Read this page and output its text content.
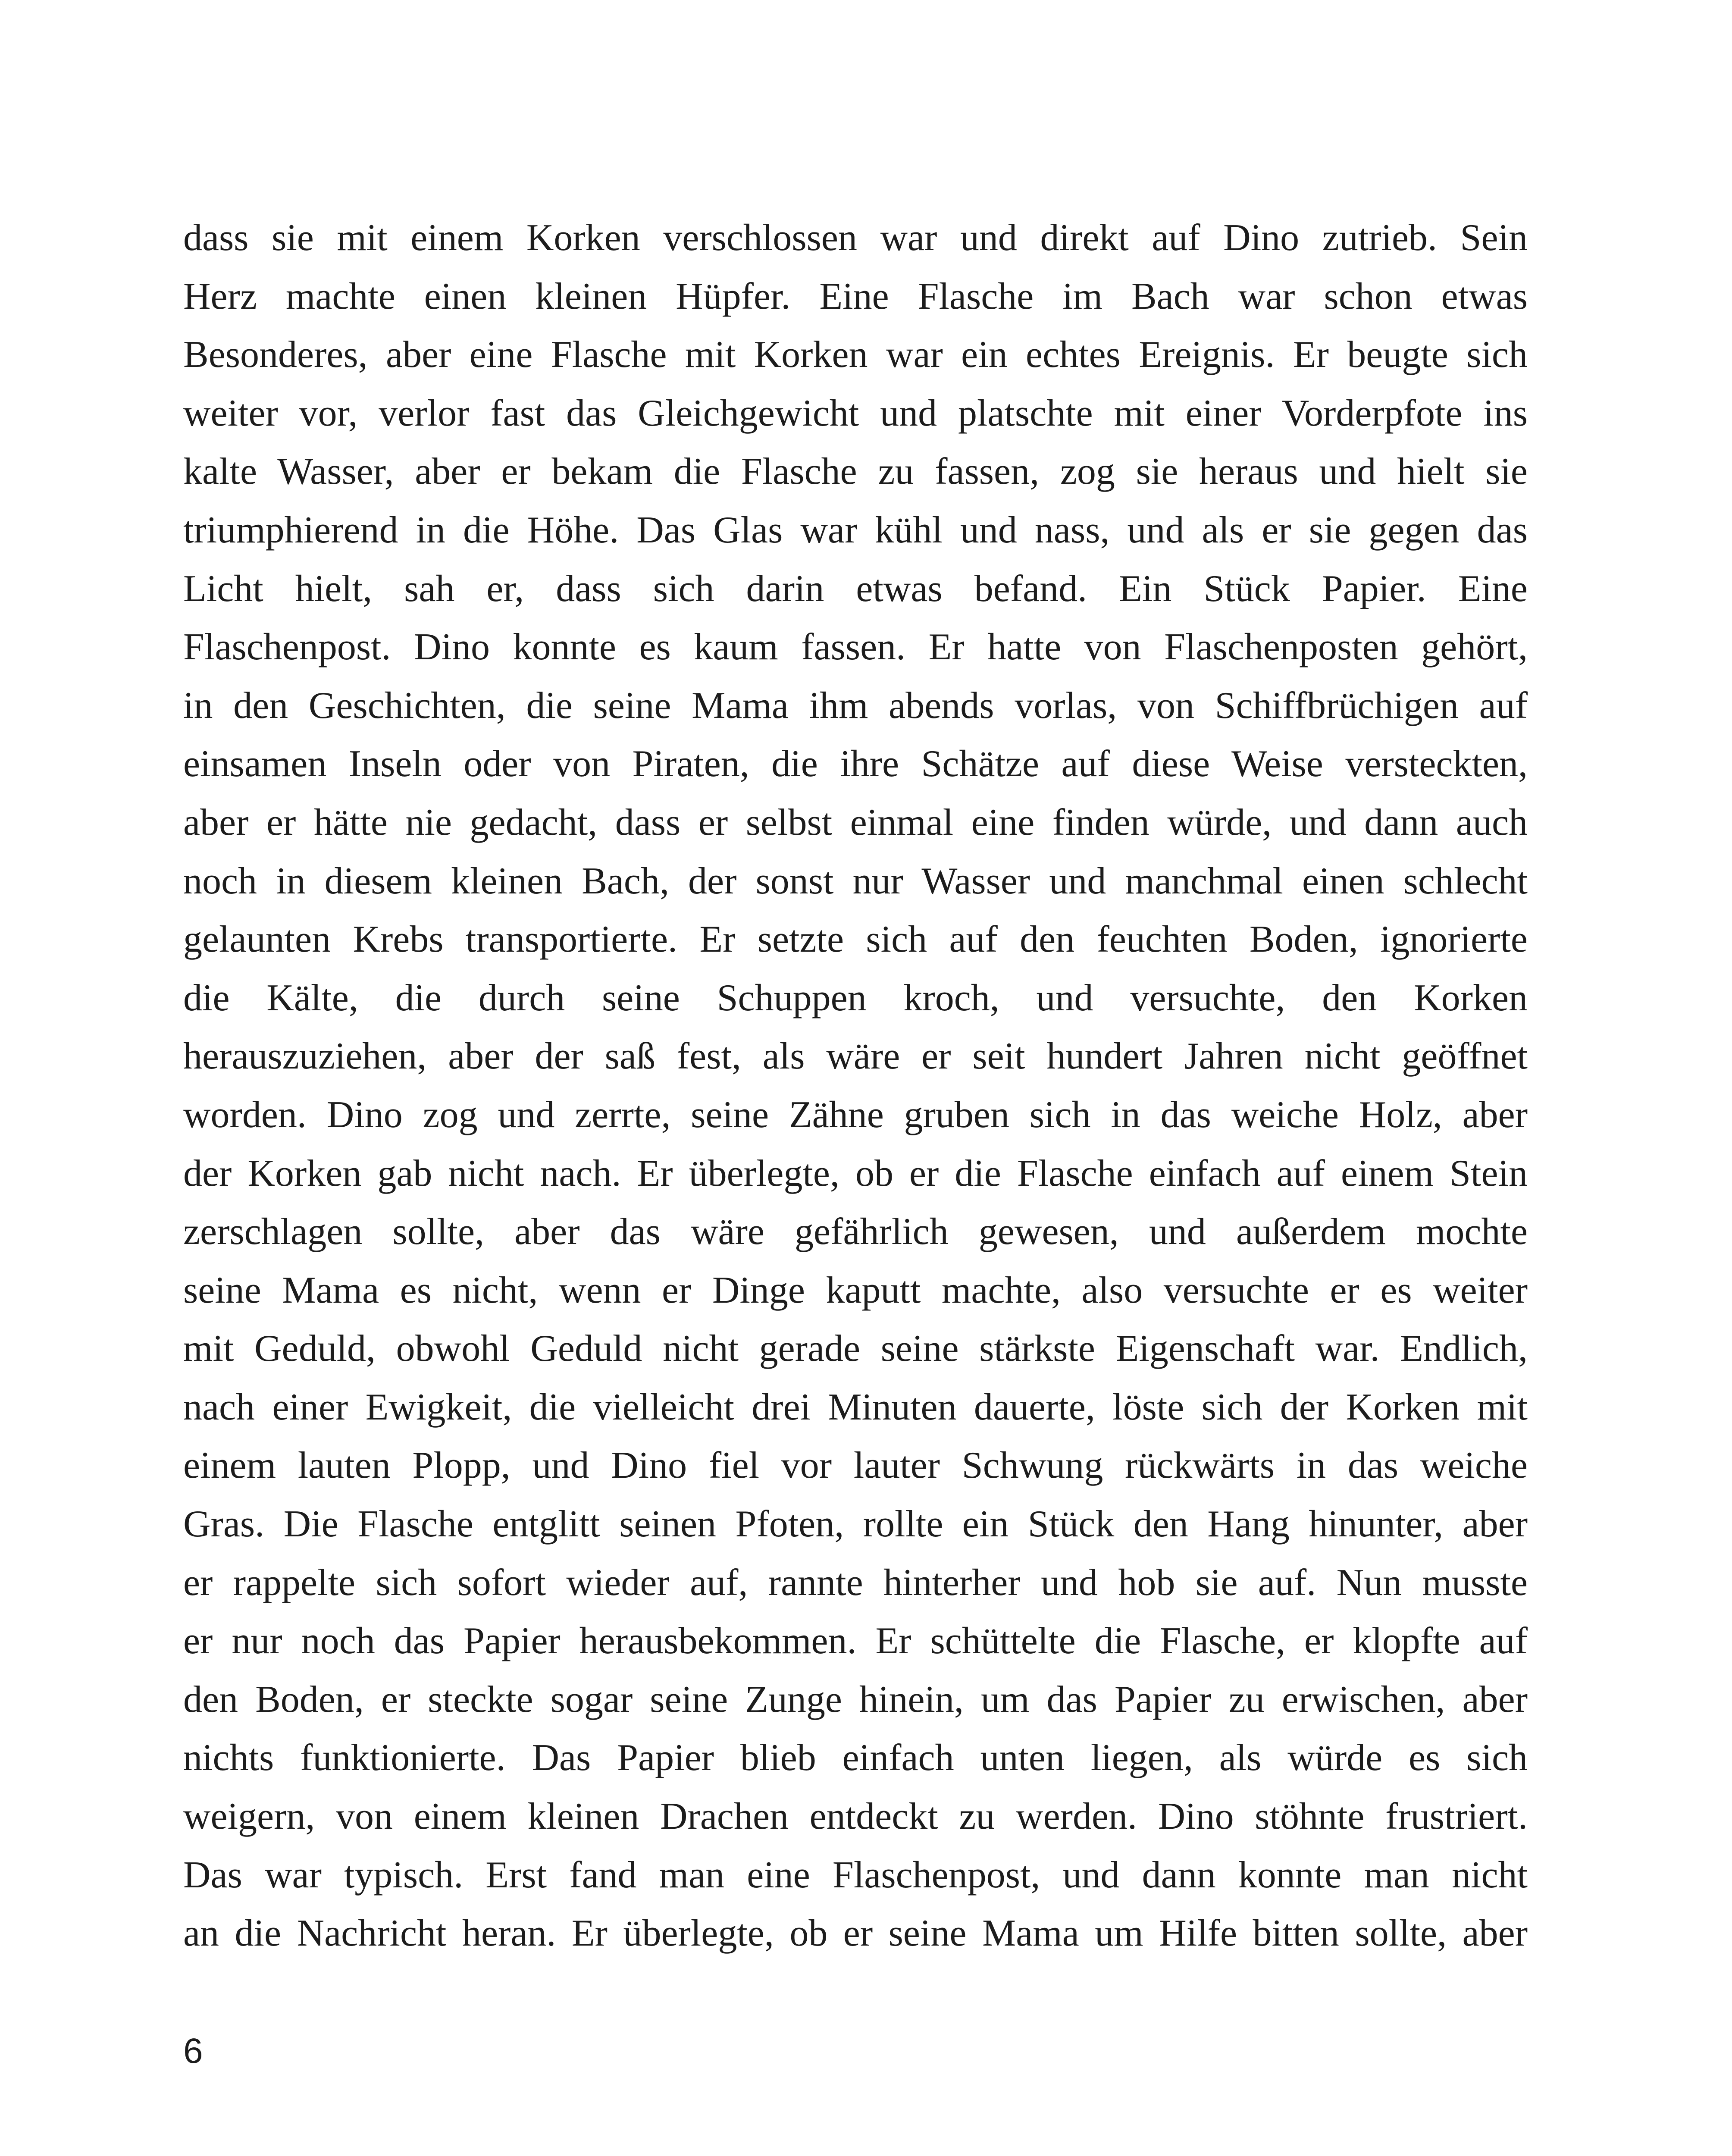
dass sie mit einem Korken verschlossen war und direkt auf Dino zutrieb. Sein
Herz machte einen kleinen Hüpfer. Eine Flasche im Bach war schon etwas
Besonderes, aber eine Flasche mit Korken war ein echtes Ereignis. Er beugte sich
weiter vor, verlor fast das Gleichgewicht und platschte mit einer Vorderpfote ins
kalte Wasser, aber er bekam die Flasche zu fassen, zog sie heraus und hielt sie
triumphierend in die Höhe. Das Glas war kühl und nass, und als er sie gegen das
Licht hielt, sah er, dass sich darin etwas befand. Ein Stück Papier. Eine
Flaschenpost. Dino konnte es kaum fassen. Er hatte von Flaschenposten gehört,
in den Geschichten, die seine Mama ihm abends vorlas, von Schiffbrüchigen auf
einsamen Inseln oder von Piraten, die ihre Schätze auf diese Weise versteckten,
aber er hätte nie gedacht, dass er selbst einmal eine finden würde, und dann auch
noch in diesem kleinen Bach, der sonst nur Wasser und manchmal einen schlecht
gelaunten Krebs transportierte. Er setzte sich auf den feuchten Boden, ignorierte
die Kälte, die durch seine Schuppen kroch, und versuchte, den Korken
herauszuziehen, aber der saß fest, als wäre er seit hundert Jahren nicht geöffnet
worden. Dino zog und zerrte, seine Zähne gruben sich in das weiche Holz, aber
der Korken gab nicht nach. Er überlegte, ob er die Flasche einfach auf einem Stein
zerschlagen sollte, aber das wäre gefährlich gewesen, und außerdem mochte
seine Mama es nicht, wenn er Dinge kaputt machte, also versuchte er es weiter
mit Geduld, obwohl Geduld nicht gerade seine stärkste Eigenschaft war. Endlich,
nach einer Ewigkeit, die vielleicht drei Minuten dauerte, löste sich der Korken mit
einem lauten Plopp, und Dino fiel vor lauter Schwung rückwärts in das weiche
Gras. Die Flasche entglitt seinen Pfoten, rollte ein Stück den Hang hinunter, aber
er rappelte sich sofort wieder auf, rannte hinterher und hob sie auf. Nun musste
er nur noch das Papier herausbekommen. Er schüttelte die Flasche, er klopfte auf
den Boden, er steckte sogar seine Zunge hinein, um das Papier zu erwischen, aber
nichts funktionierte. Das Papier blieb einfach unten liegen, als würde es sich
weigern, von einem kleinen Drachen entdeckt zu werden. Dino stöhnte frustriert.
Das war typisch. Erst fand man eine Flaschenpost, und dann konnte man nicht
an die Nachricht heran. Er überlegte, ob er seine Mama um Hilfe bitten sollte, aber
6
